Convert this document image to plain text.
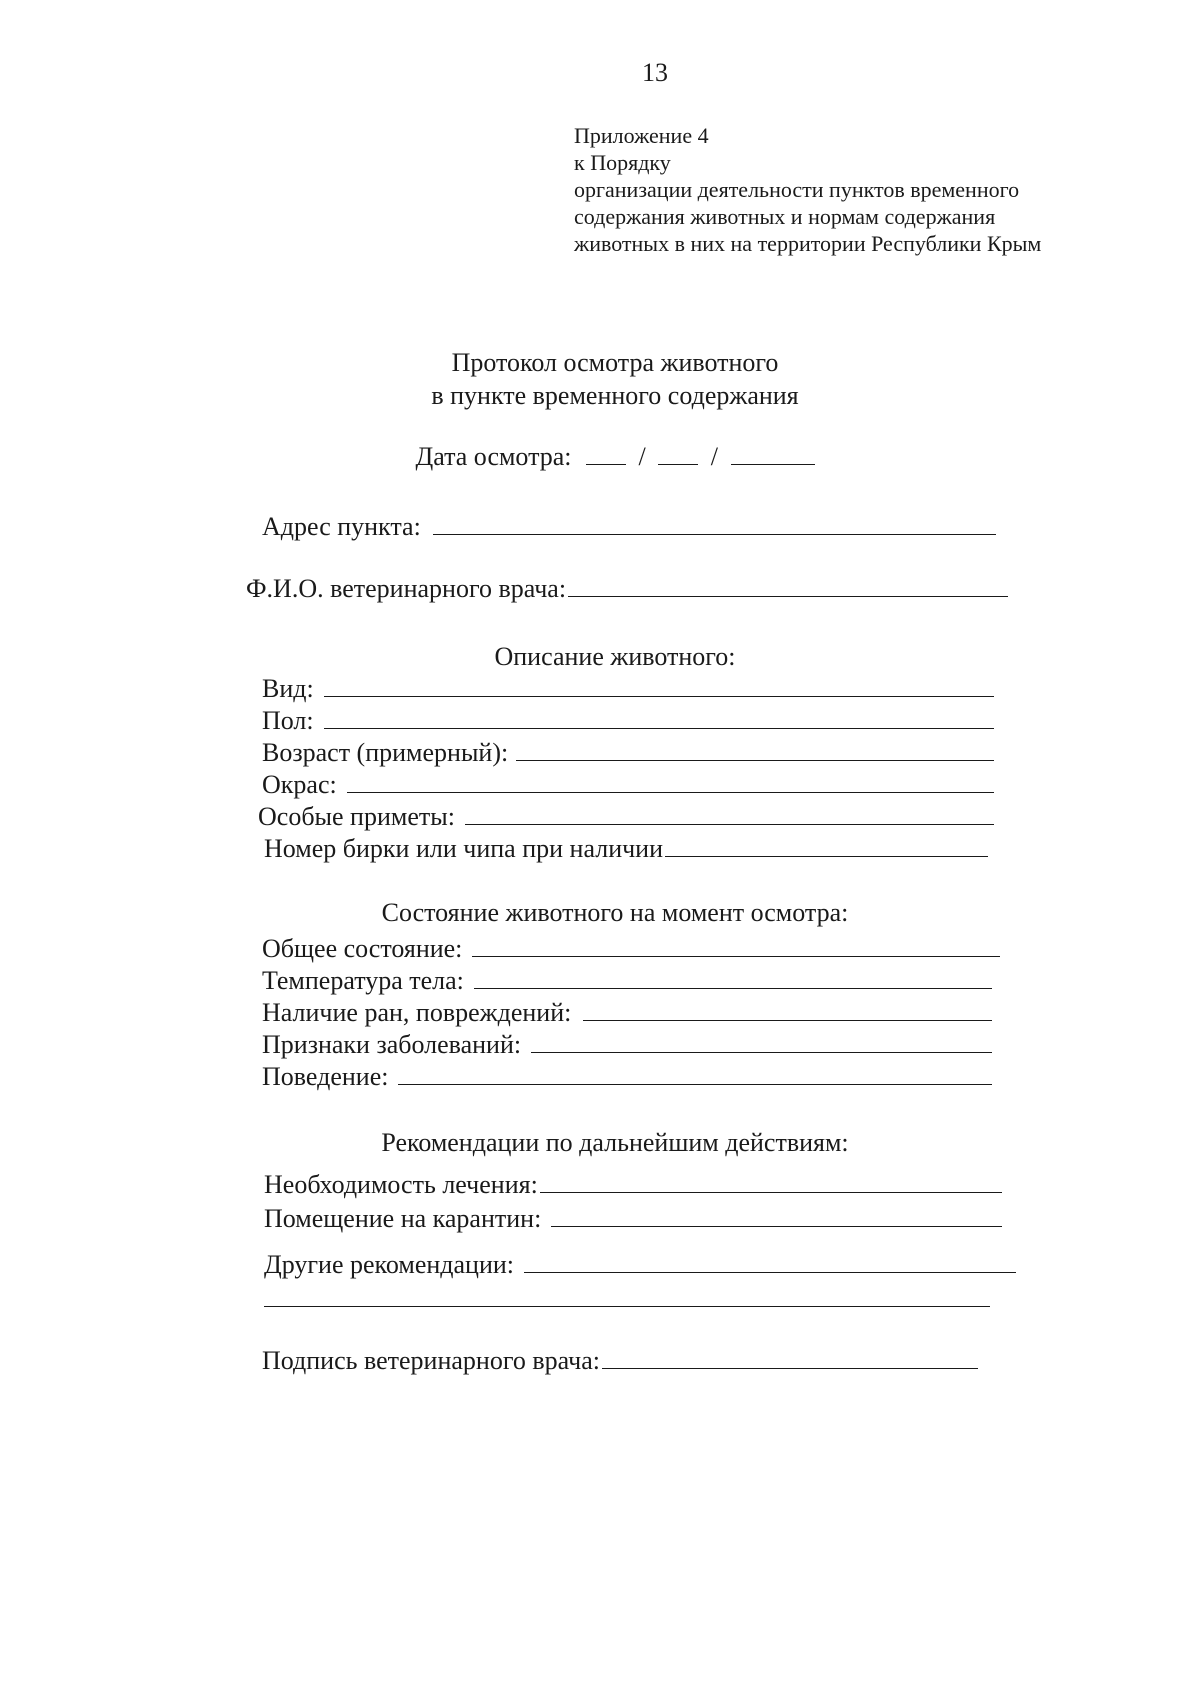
13
Приложение 4
к Порядку
организации деятельности пунктов временного
содержания животных и нормам содержания
животных в них на территории Республики Крым
Протокол осмотра животного
в пункте временного содержания
Дата осмотра:	/	/
Адрес пункта:
Ф.И.О. ветеринарного врача:
Описание животного:
Вид:
Пол:
Возраст (примерный):
Окрас:
Особые приметы:
Номер бирки или чипа при наличии
Состояние животного на момент осмотра:
Общее состояние:
Температура тела:
Наличие ран, повреждений:
Признаки заболеваний:
Поведение:
Рекомендации по дальнейшим действиям:
Необходимость лечения:
Помещение на карантин:
Другие рекомендации:
Подпись ветеринарного врача:
